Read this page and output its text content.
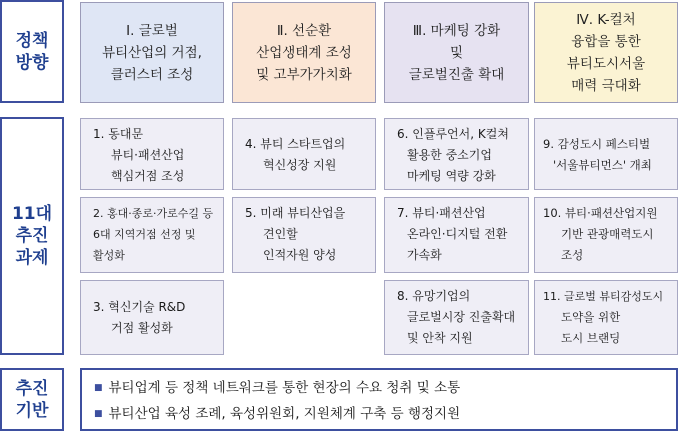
정책
방향
11대
추진
과제
추진
기반
Ⅰ. 글로벌
뷰티산업의 거점,
클러스터 조성
Ⅱ. 선순환
산업생태계 조성
및 고부가가치화
Ⅲ. 마케팅 강화
및
글로벌진출 확대
Ⅳ. K-컬처
융합을 통한
뷰티도시서울
매력 극대화
1. 동대문
뷰티·패션산업
핵심거점 조성
2. 홍대·종로·가로수길 등
6대 지역거점 선정 및
활성화
3. 혁신기술 R&D
거점 활성화
4. 뷰티 스타트업의
혁신성장 지원
5. 미래 뷰티산업을
견인할
인적자원 양성
6. 인플루언서, K컬쳐
활용한 중소기업
마케팅 역량 강화
7. 뷰티·패션산업
온라인·디지털 전환
가속화
8. 유망기업의
글로벌시장 진출확대
및 안착 지원
9. 감성도시 페스티벌
'서울뷰티먼스' 개최
10. 뷰티·패션산업지원
기반 관광매력도시
조성
11. 글로벌 뷰티감성도시
도약을 위한
도시 브랜딩
■ 뷰티업계 등 정책 네트워크를 통한 현장의 수요 청취 및 소통
■ 뷰티산업 육성 조례, 육성위원회, 지원체계 구축 등 행정지원
